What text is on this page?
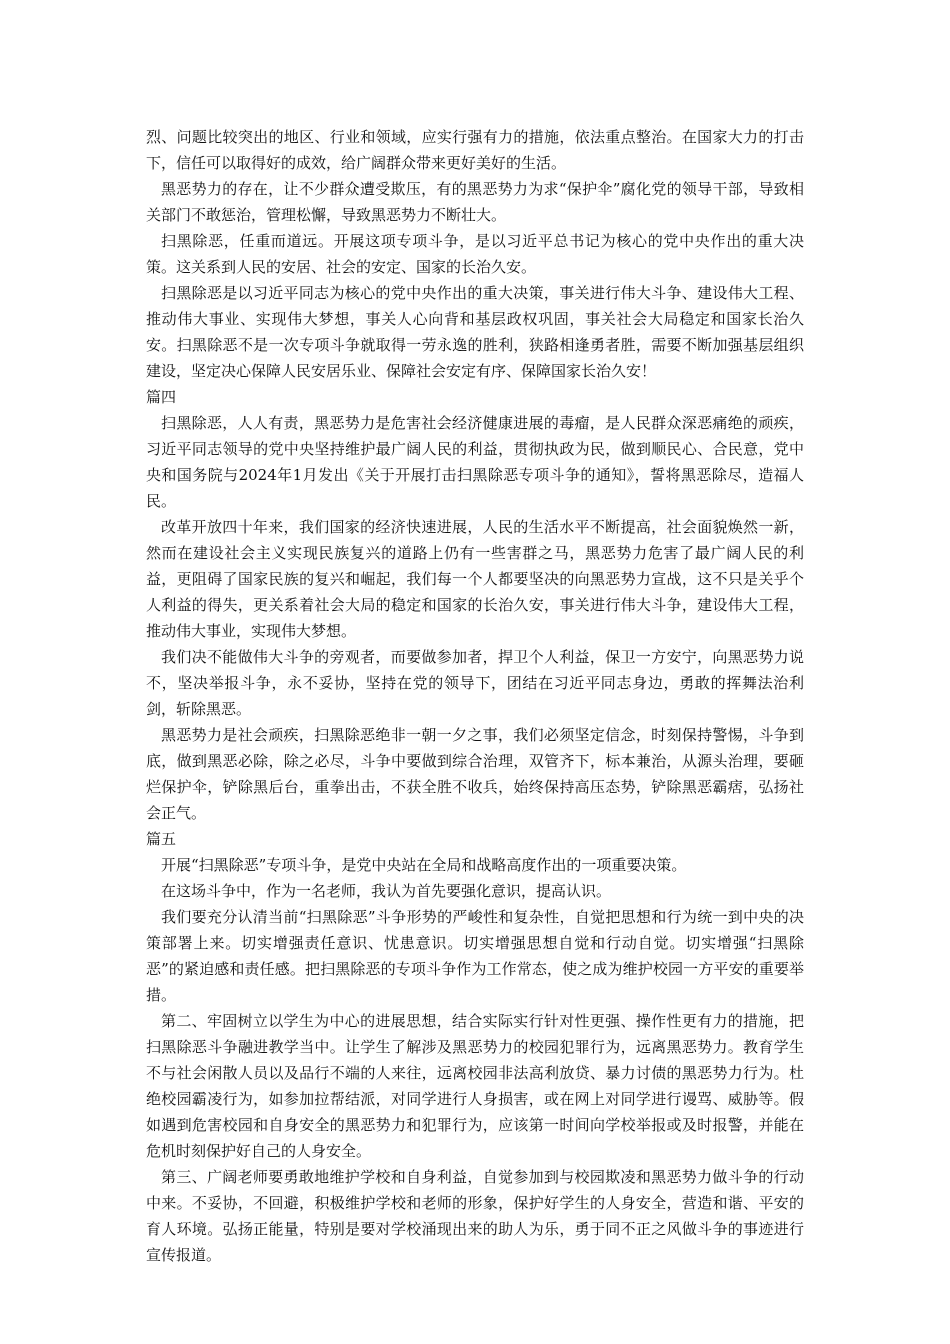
烈、问题比较突出的地区、行业和领域，应实行强有力的措施，依法重点整治。在国家大力的打击下，信任可以取得好的成效，给广阔群众带来更好美好的生活。

黑恶势力的存在，让不少群众遭受欺压，有的黑恶势力为求“保护伞”腐化党的领导干部，导致相关部门不敢惩治，管理松懈，导致黑恶势力不断壮大。

扫黑除恶，任重而道远。开展这项专项斗争，是以习近平总书记为核心的党中央作出的重大决策。这关系到人民的安居、社会的安定、国家的长治久安。

扫黑除恶是以习近平同志为核心的党中央作出的重大决策，事关进行伟大斗争、建设伟大工程、推动伟大事业、实现伟大梦想，事关人心向背和基层政权巩固，事关社会大局稳定和国家长治久安。扫黑除恶不是一次专项斗争就取得一劳永逸的胜利，狭路相逢勇者胜，需要不断加强基层组织建设，坚定决心保障人民安居乐业、保障社会安定有序、保障国家长治久安！

篇四

扫黑除恶，人人有责，黑恶势力是危害社会经济健康进展的毒瘤，是人民群众深恶痛绝的顽疾，习近平同志领导的党中央坚持维护最广阔人民的利益，贯彻执政为民，做到顺民心、合民意，党中央和国务院与2024年1月发出《关于开展打击扫黑除恶专项斗争的通知》，誓将黑恶除尽，造福人民。

改革开放四十年来，我们国家的经济快速进展，人民的生活水平不断提高，社会面貌焕然一新，然而在建设社会主义实现民族复兴的道路上仍有一些害群之马，黑恶势力危害了最广阔人民的利益，更阻碍了国家民族的复兴和崛起，我们每一个人都要坚决的向黑恶势力宣战，这不只是关乎个人利益的得失，更关系着社会大局的稳定和国家的长治久安，事关进行伟大斗争，建设伟大工程，推动伟大事业，实现伟大梦想。

我们决不能做伟大斗争的旁观者，而要做参加者，捍卫个人利益，保卫一方安宁，向黑恶势力说不，坚决举报斗争，永不妥协，坚持在党的领导下，团结在习近平同志身边，勇敢的挥舞法治利剑，斩除黑恶。

黑恶势力是社会顽疾，扫黑除恶绝非一朝一夕之事，我们必须坚定信念，时刻保持警惕，斗争到底，做到黑恶必除，除之必尽，斗争中要做到综合治理，双管齐下，标本兼治，从源头治理，要砸烂保护伞，铲除黑后台，重拳出击，不获全胜不收兵，始终保持高压态势，铲除黑恶霸痞，弘扬社会正气。

篇五

开展“扫黑除恶”专项斗争，是党中央站在全局和战略高度作出的一项重要决策。

在这场斗争中，作为一名老师，我认为首先要强化意识，提高认识。

我们要充分认清当前“扫黑除恶”斗争形势的严峻性和复杂性，自觉把思想和行为统一到中央的决策部署上来。切实增强责任意识、忧患意识。切实增强思想自觉和行动自觉。切实增强“扫黑除恶”的紧迫感和责任感。把扫黑除恶的专项斗争作为工作常态，使之成为维护校园一方平安的重要举措。

第二、牢固树立以学生为中心的进展思想，结合实际实行针对性更强、操作性更有力的措施，把扫黑除恶斗争融进教学当中。让学生了解涉及黑恶势力的校园犯罪行为，远离黑恶势力。教育学生不与社会闲散人员以及品行不端的人来往，远离校园非法高利放贷、暴力讨债的黑恶势力行为。杜绝校园霸凌行为，如参加拉帮结派，对同学进行人身损害，或在网上对同学进行谩骂、威胁等。假如遇到危害校园和自身安全的黑恶势力和犯罪行为，应该第一时间向学校举报或及时报警，并能在危机时刻保护好自己的人身安全。

第三、广阔老师要勇敢地维护学校和自身利益，自觉参加到与校园欺凌和黑恶势力做斗争的行动中来。不妥协，不回避，积极维护学校和老师的形象，保护好学生的人身安全，营造和谐、平安的育人环境。弘扬正能量，特别是要对学校涌现出来的助人为乐，勇于同不正之风做斗争的事迹进行宣传报道。
